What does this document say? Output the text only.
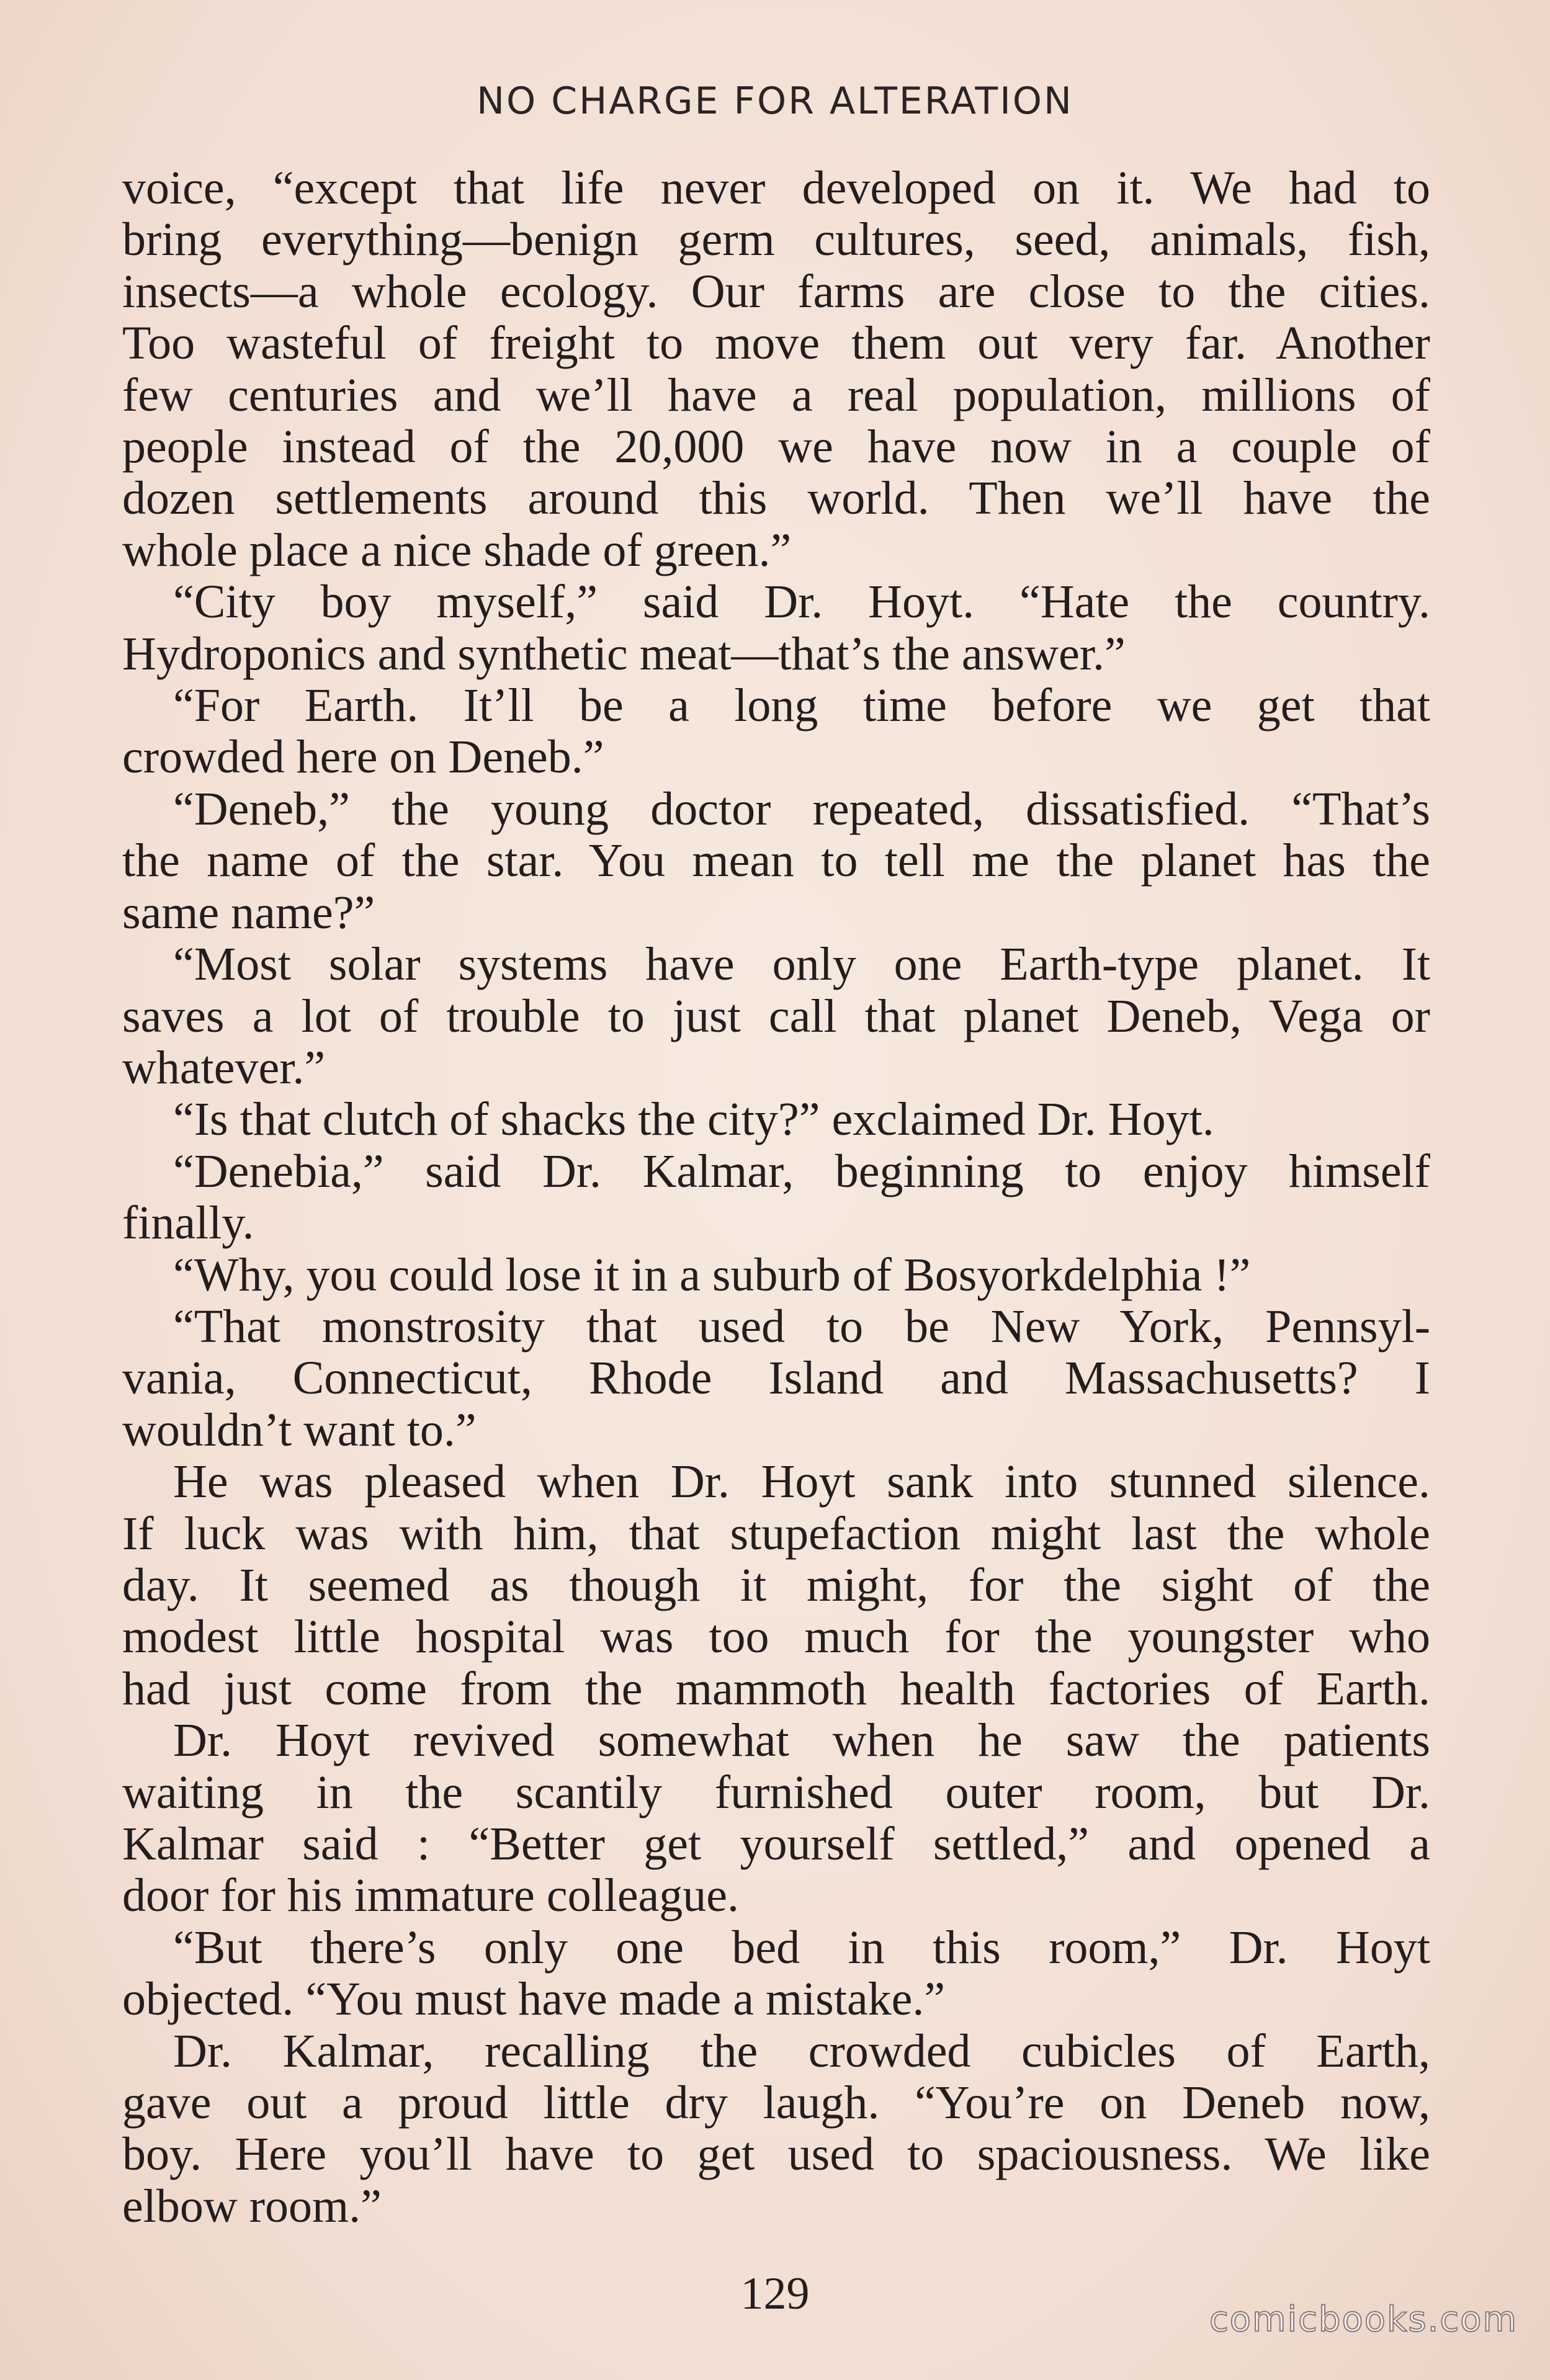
NO CHARGE FOR ALTERATION
voice, “except that life never developed on it. We had to
bring everything—benign germ cultures, seed, animals, fish,
insects—a whole ecology. Our farms are close to the cities.
Too wasteful of freight to move them out very far. Another
few centuries and we’ll have a real population, millions of
people instead of the 20,000 we have now in a couple of
dozen settlements around this world. Then we’ll have the
whole place a nice shade of green.”
“City boy myself,” said Dr. Hoyt. “Hate the country.
Hydroponics and synthetic meat—that’s the answer.”
“For Earth. It’ll be a long time before we get that
crowded here on Deneb.”
“Deneb,” the young doctor repeated, dissatisfied. “That’s
the name of the star. You mean to tell me the planet has the
same name?”
“Most solar systems have only one Earth-type planet. It
saves a lot of trouble to just call that planet Deneb, Vega or
whatever.”
“Is that clutch of shacks the city?” exclaimed Dr. Hoyt.
“Denebia,” said Dr. Kalmar, beginning to enjoy himself
finally.
“Why, you could lose it in a suburb of Bosyorkdelphia !”
“That monstrosity that used to be New York, Pennsyl-
vania, Connecticut, Rhode Island and Massachusetts? I
wouldn’t want to.”
He was pleased when Dr. Hoyt sank into stunned silence.
If luck was with him, that stupefaction might last the whole
day. It seemed as though it might, for the sight of the
modest little hospital was too much for the youngster who
had just come from the mammoth health factories of Earth.
Dr. Hoyt revived somewhat when he saw the patients
waiting in the scantily furnished outer room, but Dr.
Kalmar said : “Better get yourself settled,” and opened a
door for his immature colleague.
“But there’s only one bed in this room,” Dr. Hoyt
objected. “You must have made a mistake.”
Dr. Kalmar, recalling the crowded cubicles of Earth,
gave out a proud little dry laugh. “You’re on Deneb now,
boy. Here you’ll have to get used to spaciousness. We like
elbow room.”
129
comicbooks.com
